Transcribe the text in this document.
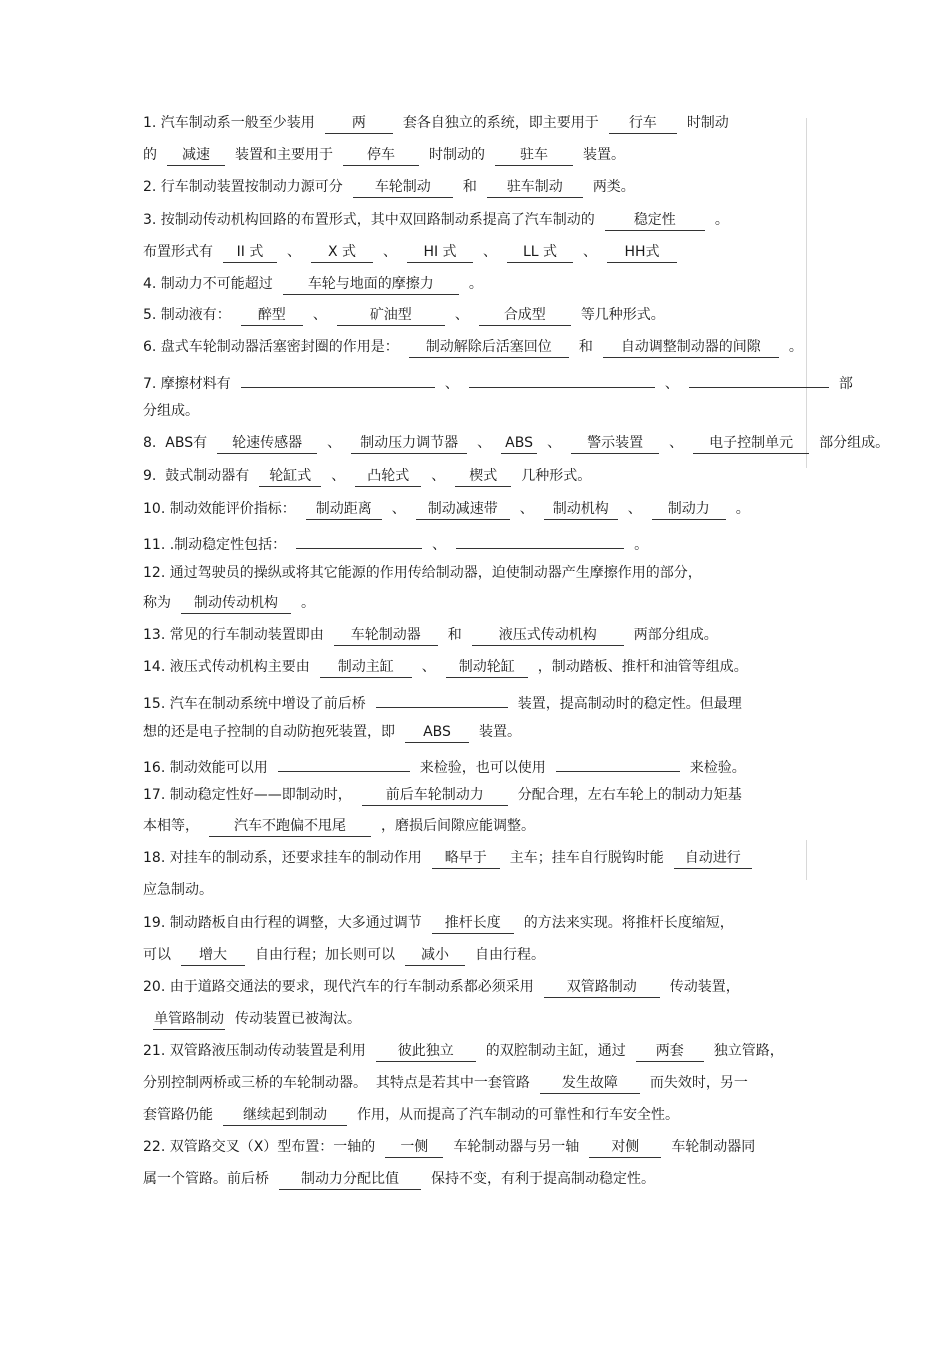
1. 汽车制动系一般至少装用	两	套各自独立的系统，即主要用于 行车 时制动
的 减速 装置和主要用于 停车 时制动的	驻车	装置。
2. 行车制动装置按制动力源可分 车轮制动 和 驻车制动 两类。
3. 按制动传动机构回路的布置形式，其中双回路制动系提高了汽车制动的	稳定性	。
布置形式有 II 式 、 X 式 、 HI 式 、 LL 式 、 HH式
4. 制动力不可能超过	车轮与地面的摩擦力	。
5. 制动液有： 醉型 、	矿油型	、	合成型	等几种形式。
6. 盘式车轮制动器活塞密封圈的作用是： 制动解除后活塞回位 和 自动调整制动器的间隙 。
7. 摩擦材料有	、	、	部
分组成。
8.  ABS有 轮速传感器 、 制动压力调节器 、 ABS 、 警示装置 、 电子控制单元 部分组成。
9.  鼓式制动器有 轮缸式 、 凸轮式 、 楔式 几种形式。
10. 制动效能评价指标： 制动距离 、 制动减速带 、 制动机构 、 制动力 。
11. .制动稳定性包括：	、	。
12. 通过驾驶员的操纵或将其它能源的作用传给制动器，迫使制动器产生摩擦作用的部分，
称为 制动传动机构 。
13. 常见的行车制动装置即由 车轮制动器 和	液压式传动机构	两部分组成。
14. 液压式传动机构主要由 制动主缸 、 制动轮缸 ，制动踏板、推杆和油管等组成。
15. 汽车在制动系统中增设了前后桥	装置，提高制动时的稳定性。但最理
想的还是电子控制的自动防抱死装置，即 ABS 装置。
16. 制动效能可以用	来检验，也可以使用	来检验。
17. 制动稳定性好——即制动时， 前后车轮制动力 分配合理，左右车轮上的制动力矩基
本相等，	汽车不跑偏不甩尾	，磨损后间隙应能调整。
18. 对挂车的制动系，还要求挂车的制动作用 略早于 主车；挂车自行脱钩时能 自动进行
应急制动。
19. 制动踏板自由行程的调整，大多通过调节 推杆长度 的方法来实现。将推杆长度缩短，
可以 增大 自由行程；加长则可以 减小 自由行程。
20. 由于道路交通法的要求，现代汽车的行车制动系都必须采用 双管路制动 传动装置，
单管路制动 传动装置已被淘汰。
21. 双管路液压制动传动装置是利用 彼此独立 的双腔制动主缸，通过 两套 独立管路，
分别控制两桥或三桥的车轮制动器。  其特点是若其中一套管路 发生故障 而失效时，另一
套管路仍能 继续起到制动 作用，从而提高了汽车制动的可靠性和行车安全性。
22. 双管路交叉（X）型布置：一轴的 一侧 车轮制动器与另一轴 对侧 车轮制动器同
属一个管路。前后桥 制动力分配比值 保持不变，有利于提高制动稳定性。
